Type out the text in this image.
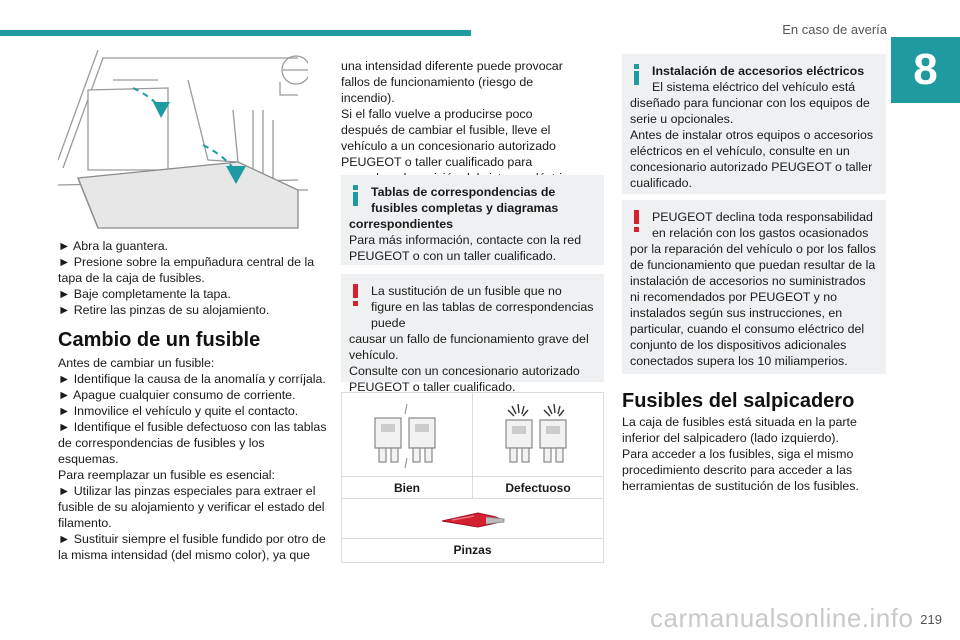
En caso de avería
8

► Abra la guantera.

► Presione sobre la empuñadura central de la tapa de la caja de fusibles.

► Baje completamente la tapa.

► Retire las pinzas de su alojamiento.

Cambio de un fusible

Antes de cambiar un fusible:

► Identifique la causa de la anomalía y corríjala.

► Apague cualquier consumo de corriente.

► Inmovilice el vehículo y quite el contacto.

► Identifique el fusible defectuoso con las tablas de correspondencias de fusibles y los esquemas.

Para reemplazar un fusible es esencial:

► Utilizar las pinzas especiales para extraer el fusible de su alojamiento y verificar el estado del filamento.

► Sustituir siempre el fusible fundido por otro de la misma intensidad (del mismo color), ya que

una intensidad diferente puede provocar fallos de funcionamiento (riesgo de incendio).

Si el fallo vuelve a producirse poco después de cambiar el fusible, lleve el vehículo a un concesionario autorizado PEUGEOT o taller cualificado para

Tablas de correspondencias de fusibles completas y diagramas
correspondientes

Para más información, contacte con la red PEUGEOT o con un taller cualificado.

La sustitución de un fusible que no figure en las tablas de correspondencias puede

causar un fallo de funcionamiento grave del vehículo.

Consulte con un concesionario autorizado PEUGEOT o taller cualificado.

Bien	Defectuoso
Pinzas
Instalación de accesorios eléctricos
El sistema eléctrico del vehículo está

diseñado para funcionar con los equipos de serie u opcionales.

Antes de instalar otros equipos o accesorios eléctricos en el vehículo, consulte en un concesionario autorizado PEUGEOT o taller cualificado.

PEUGEOT declina toda responsabilidad en relación con los gastos ocasionados

por la reparación del vehículo o por los fallos de funcionamiento que puedan resultar de la instalación de accesorios no suministrados ni recomendados por PEUGEOT y no instalados según sus instrucciones, en particular, cuando el consumo eléctrico del conjunto de los dispositivos adicionales conectados supera los 10 miliamperios.

Fusibles del salpicadero

La caja de fusibles está situada en la parte inferior del salpicadero (lado izquierdo).

Para acceder a los fusibles, siga el mismo procedimiento descrito para acceder a las herramientas de sustitución de los fusibles.

carmanualsonline.info 219
